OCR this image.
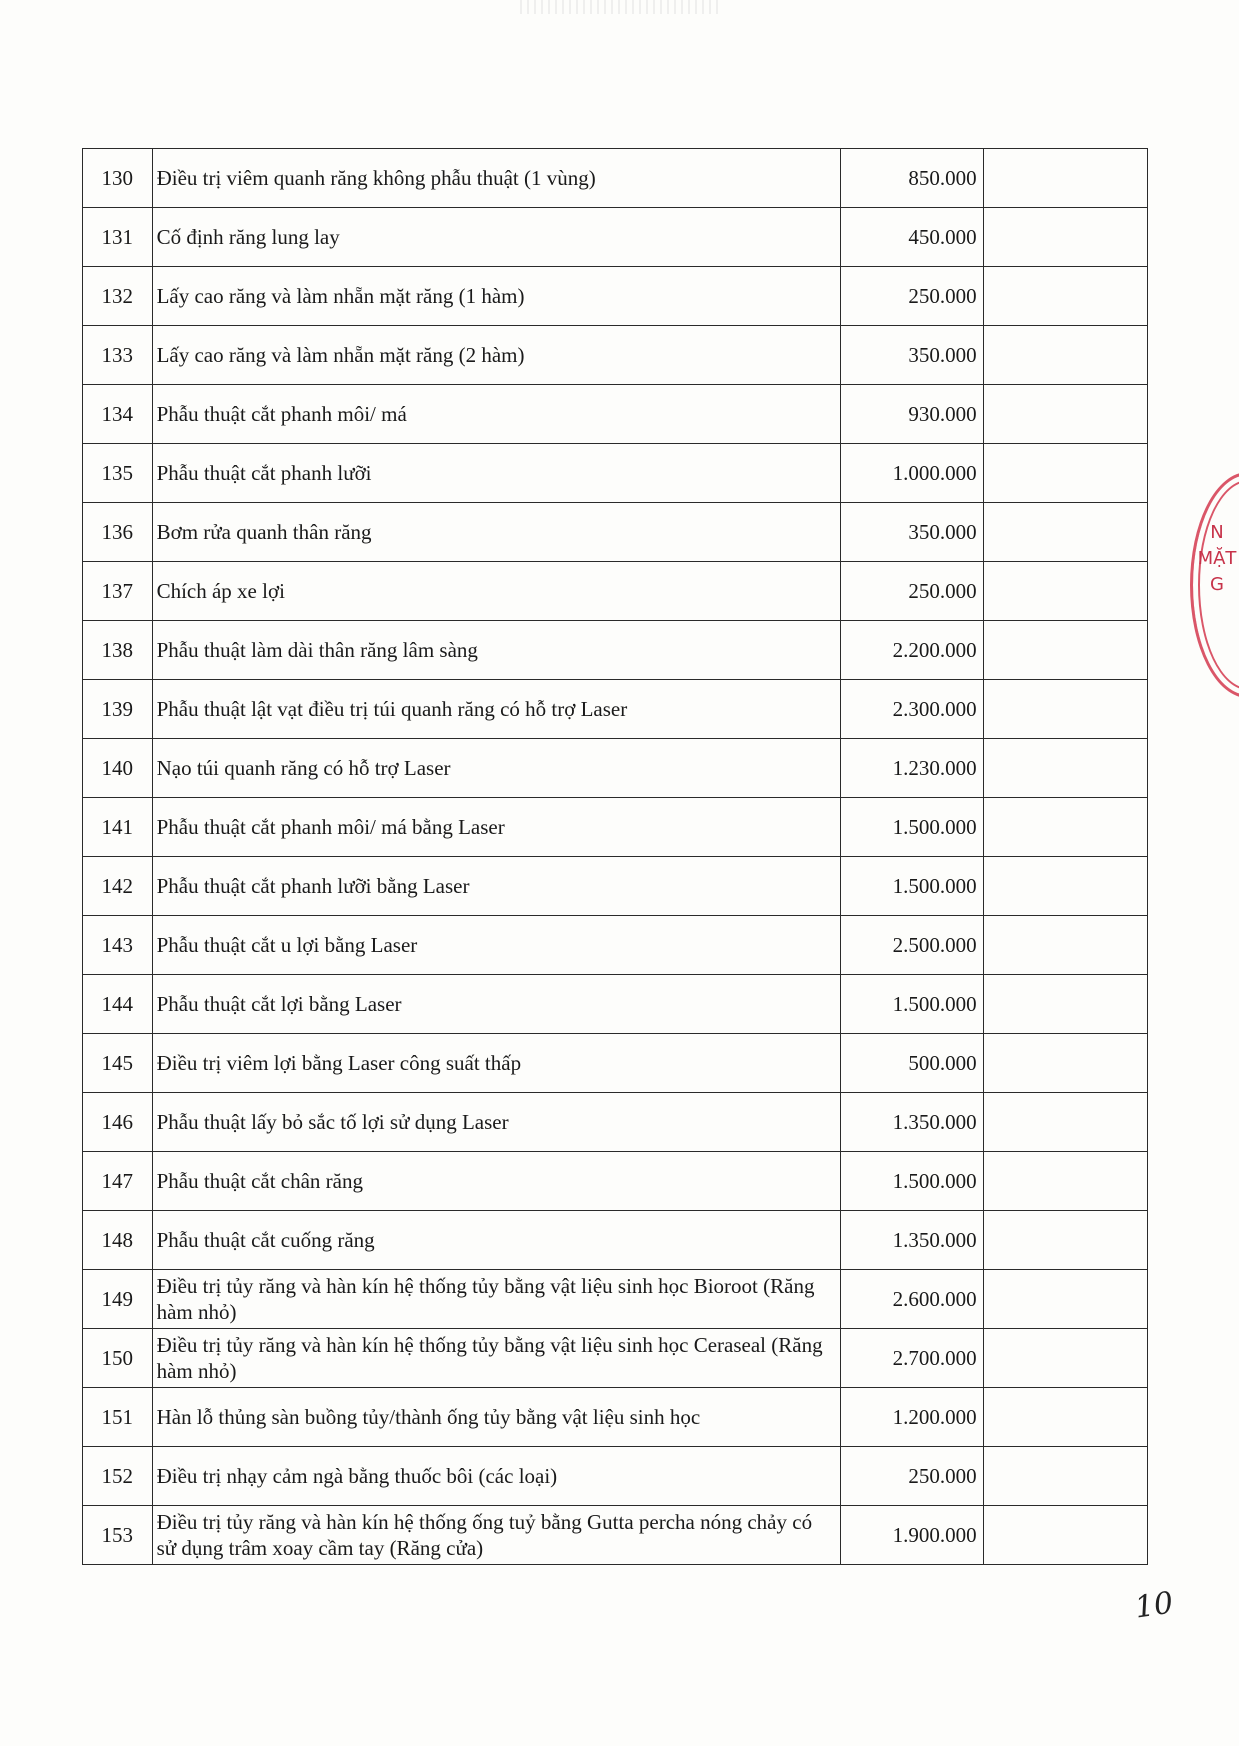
130	Điều trị viêm quanh răng không phẫu thuật (1 vùng)	850.000	
131	Cố định răng lung lay	450.000	
132	Lấy cao răng và làm nhẵn mặt răng (1 hàm)	250.000	
133	Lấy cao răng và làm nhẵn mặt răng (2 hàm)	350.000	
134	Phẫu thuật cắt phanh môi/ má	930.000	
135	Phẫu thuật cắt phanh lưỡi	1.000.000	
136	Bơm rửa quanh thân răng	350.000	
137	Chích áp xe lợi	250.000	
138	Phẫu thuật làm dài thân răng lâm sàng	2.200.000	
139	Phẫu thuật lật vạt điều trị túi quanh răng có hỗ trợ Laser	2.300.000	
140	Nạo túi quanh răng có hỗ trợ Laser	1.230.000	
141	Phẫu thuật cắt phanh môi/ má bằng Laser	1.500.000	
142	Phẫu thuật cắt phanh lưỡi bằng Laser	1.500.000	
143	Phẫu thuật cắt u lợi bằng Laser	2.500.000	
144	Phẫu thuật cắt lợi bằng Laser	1.500.000	
145	Điều trị viêm lợi bằng Laser công suất thấp	500.000	
146	Phẫu thuật lấy bỏ sắc tố lợi sử dụng Laser	1.350.000	
147	Phẫu thuật cắt chân răng	1.500.000	
148	Phẫu thuật cắt cuống răng	1.350.000	
149	Điều trị tủy răng và hàn kín hệ thống tủy bằng vật liệu sinh học Bioroot (Răng hàm nhỏ)	2.600.000	
150	Điều trị tủy răng và hàn kín hệ thống tủy bằng vật liệu sinh học Ceraseal (Răng hàm nhỏ)	2.700.000	
151	Hàn lỗ thủng sàn buồng tủy/thành ống tủy bằng vật liệu sinh học	1.200.000	
152	Điều trị nhạy cảm ngà bằng thuốc bôi (các loại)	250.000	
153	Điều trị tủy răng và hàn kín hệ thống ống tuỷ bằng Gutta percha nóng chảy có sử dụng trâm xoay cầm tay (Răng cửa)	1.900.000	
N
MẶT
G
10
